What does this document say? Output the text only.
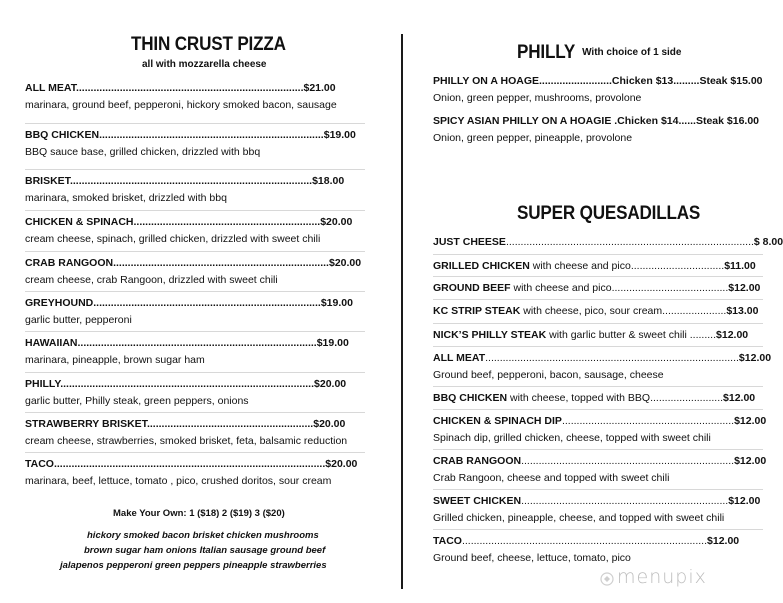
THIN CRUST PIZZA
all with mozzarella cheese
ALL MEAT..............................................................................$21.00
marinara, ground beef, pepperoni, hickory smoked bacon, sausage
BBQ CHICKEN.............................................................................$19.00
BBQ sauce base, grilled chicken, drizzled with bbq
BRISKET...................................................................................$18.00
marinara, smoked brisket, drizzled with bbq
CHICKEN & SPINACH................................................................$20.00
cream cheese, spinach, grilled chicken, drizzled with sweet chili
CRAB RANGOON..........................................................................$20.00
cream cheese, crab Rangoon, drizzled with sweet chili
GREYHOUND..............................................................................$19.00
garlic butter, pepperoni
HAWAIIAN..................................................................................$19.00
marinara, pineapple, brown sugar ham
PHILLY.......................................................................................$20.00
garlic butter, Philly steak, green peppers, onions
STRAWBERRY BRISKET.........................................................$20.00
cream cheese, strawberries, smoked brisket, feta, balsamic reduction
TACO.............................................................................................$20.00
marinara, beef, lettuce, tomato , pico, crushed doritos, sour cream
Make Your Own: 1 ($18) 2 ($19) 3 ($20)
hickory smoked bacon brisket chicken mushrooms
brown sugar ham onions Italian sausage ground beef
jalapenos pepperoni green peppers pineapple strawberries
PHILLY With choice of 1 side
PHILLY ON A HOAGE.........................Chicken $13.........Steak $15.00
Onion, green pepper, mushrooms, provolone
SPICY ASIAN PHILLY ON A HOAGIE .Chicken $14......Steak $16.00
Onion, green pepper, pineapple, provolone
SUPER QUESADILLAS
JUST CHEESE.....................................................................................$ 8.00
GRILLED CHICKEN with cheese and pico................................$11.00
GROUND BEEF with cheese and pico........................................$12.00
KC STRIP STEAK with cheese, pico, sour cream......................$13.00
NICK’S PHILLY STEAK with garlic butter & sweet chili .........$12.00
ALL MEAT.......................................................................................$12.00
Ground beef, pepperoni, bacon, sausage, cheese
BBQ CHICKEN with cheese, topped with BBQ.........................$12.00
CHICKEN & SPINACH DIP...........................................................$12.00
Spinach dip, grilled chicken, cheese, topped with sweet chili
CRAB RANGOON.........................................................................$12.00
Crab Rangoon, cheese and topped with sweet chili
SWEET CHICKEN.......................................................................$12.00
Grilled chicken, pineapple, cheese, and topped with sweet chili
TACO....................................................................................$12.00
Ground beef, cheese, lettuce, tomato, pico
menupix
